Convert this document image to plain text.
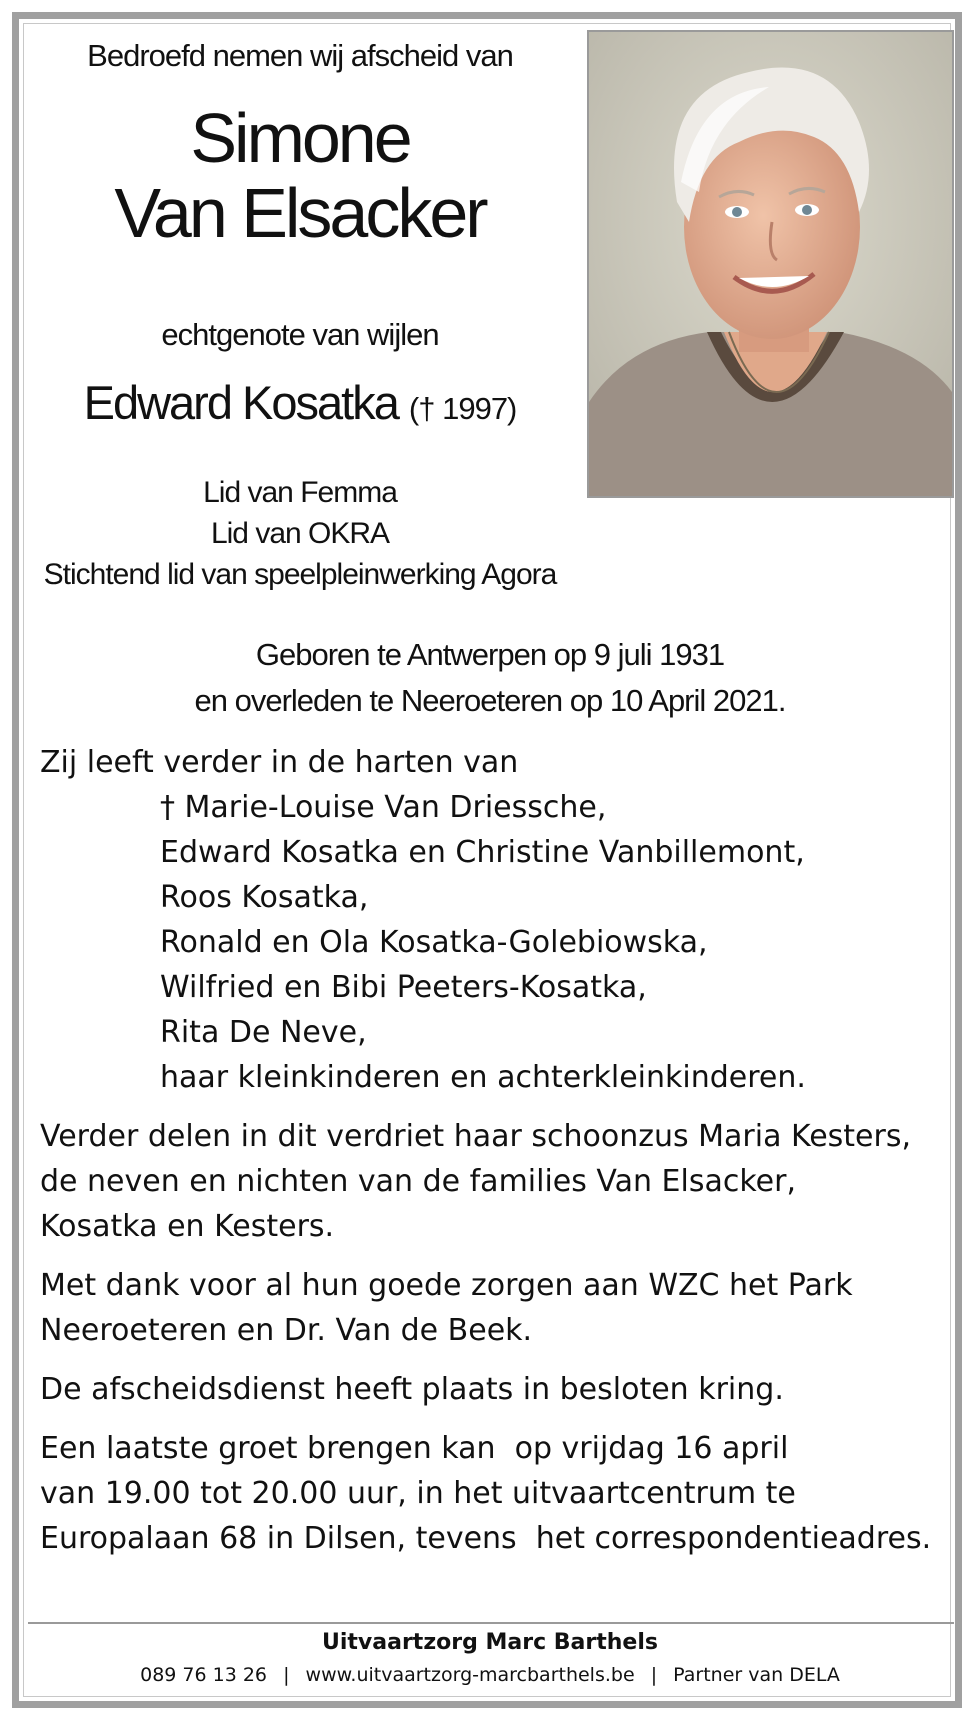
Bedroefd nemen wij afscheid van
Simone
Van Elsacker
echtgenote van wijlen
Edward Kosatka († 1997)
Lid van Femma
Lid van OKRA
Stichtend lid van speelpleinwerking Agora
Geboren te Antwerpen op 9 juli 1931
en overleden te Neeroeteren op 10 April 2021.
Zij leeft verder in de harten van
† Marie-Louise Van Driessche,
Edward Kosatka en Christine Vanbillemont,
Roos Kosatka,
Ronald en Ola Kosatka-Golebiowska,
Wilfried en Bibi Peeters-Kosatka,
Rita De Neve,
haar kleinkinderen en achterkleinkinderen.
Verder delen in dit verdriet haar schoonzus Maria Kesters,
de neven en nichten van de families Van Elsacker,
Kosatka en Kesters.
Met dank voor al hun goede zorgen aan WZC het Park
Neeroeteren en Dr. Van de Beek.
De afscheidsdienst heeft plaats in besloten kring.
Een laatste groet brengen kan  op vrijdag 16 april
van 19.00 tot 20.00 uur, in het uitvaartcentrum te
Europalaan 68 in Dilsen, tevens  het correspondentieadres.
Uitvaartzorg Marc Barthels
089 76 13 26 | www.uitvaartzorg-marcbarthels.be | Partner van DELA
